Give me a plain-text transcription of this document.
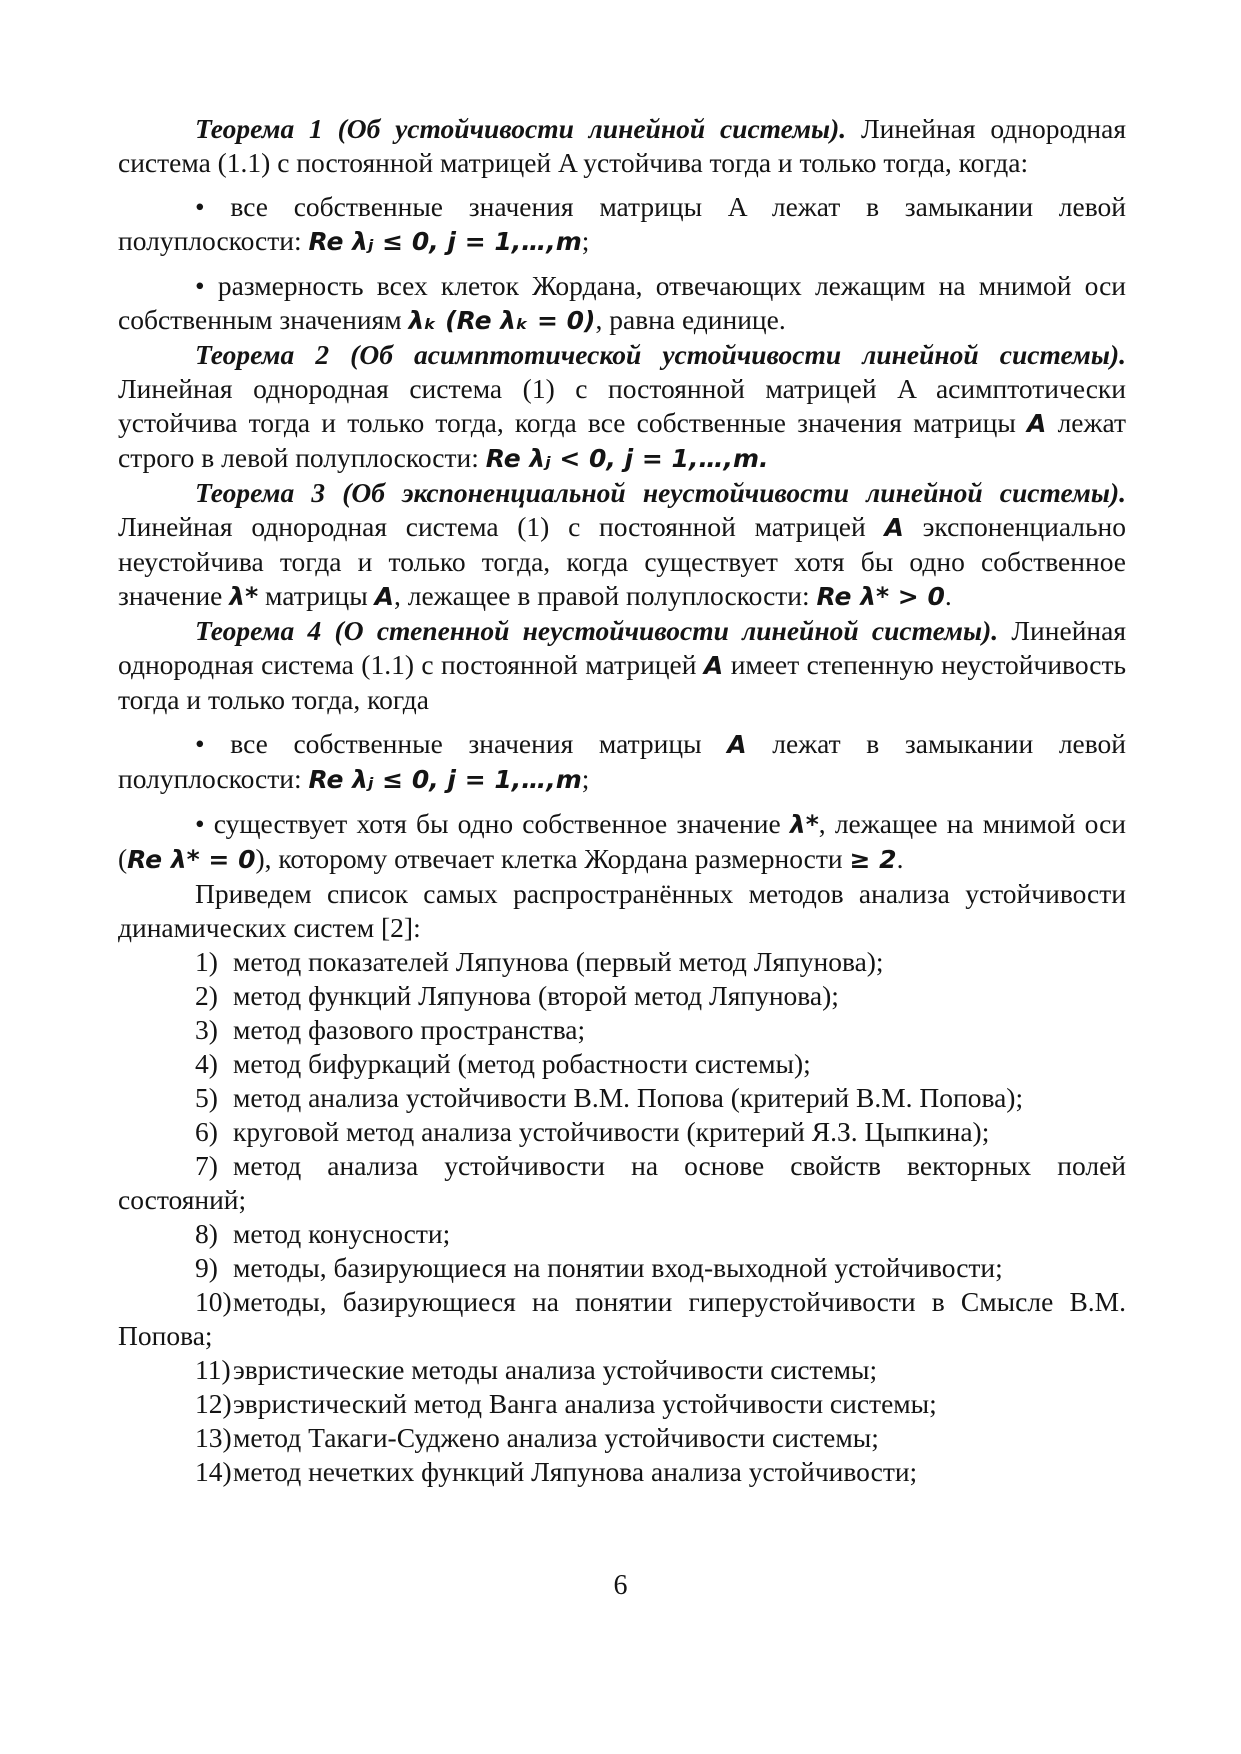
Теорема 1 (Об устойчивости линейной системы). Линейная однородная система (1.1) с постоянной матрицей A устойчива тогда и только тогда, когда:

• все собственные значения матрицы A лежат в замыкании левой полуплоскости: Re λⱼ ≤ 0, j = 1,…,m;

• размерность всех клеток Жордана, отвечающих лежащим на мнимой оси собственным значениям λₖ (Re λₖ = 0), равна единице.

Теорема 2 (Об асимптотической устойчивости линейной системы). Линейная однородная система (1) с постоянной матрицей A асимптотически устойчива тогда и только тогда, когда все собственные значения матрицы A лежат строго в левой полуплоскости: Re λⱼ < 0, j = 1,…,m.

Теорема 3 (Об экспоненциальной неустойчивости линейной системы). Линейная однородная система (1) с постоянной матрицей A экспоненциально неустойчива тогда и только тогда, когда существует хотя бы одно собственное значение λ* матрицы A, лежащее в правой полуплоскости: Re λ* > 0.

Теорема 4 (О степенной неустойчивости линейной системы). Линейная однородная система (1.1) с постоянной матрицей A имеет степенную неустойчивость тогда и только тогда, когда

• все собственные значения матрицы A лежат в замыкании левой полуплоскости: Re λⱼ ≤ 0, j = 1,…,m;

• существует хотя бы одно собственное значение λ*, лежащее на мнимой оси (Re λ* = 0), которому отвечает клетка Жордана размерности ≥ 2.

Приведем список самых распространённых методов анализа устойчивости динамических систем [2]:

1) метод показателей Ляпунова (первый метод Ляпунова);
2) метод функций Ляпунова (второй метод Ляпунова);
3) метод фазового пространства;
4) метод бифуркаций (метод робастности системы);
5) метод анализа устойчивости В.М. Попова (критерий В.М. Попова);
6) круговой метод анализа устойчивости (критерий Я.З. Цыпкина);
7) метод анализа устойчивости на основе свойств векторных полей состояний;
8) метод конусности;
9) методы, базирующиеся на понятии вход-выходной устойчивости;
10)методы, базирующиеся на понятии гиперустойчивости в Смысле В.М. Попова;
11) эвристические методы анализа устойчивости системы;
12) эвристический метод Ванга анализа устойчивости системы;
13) метод Такаги-Суджено анализа устойчивости системы;
14) метод нечетких функций Ляпунова анализа устойчивости;
6
